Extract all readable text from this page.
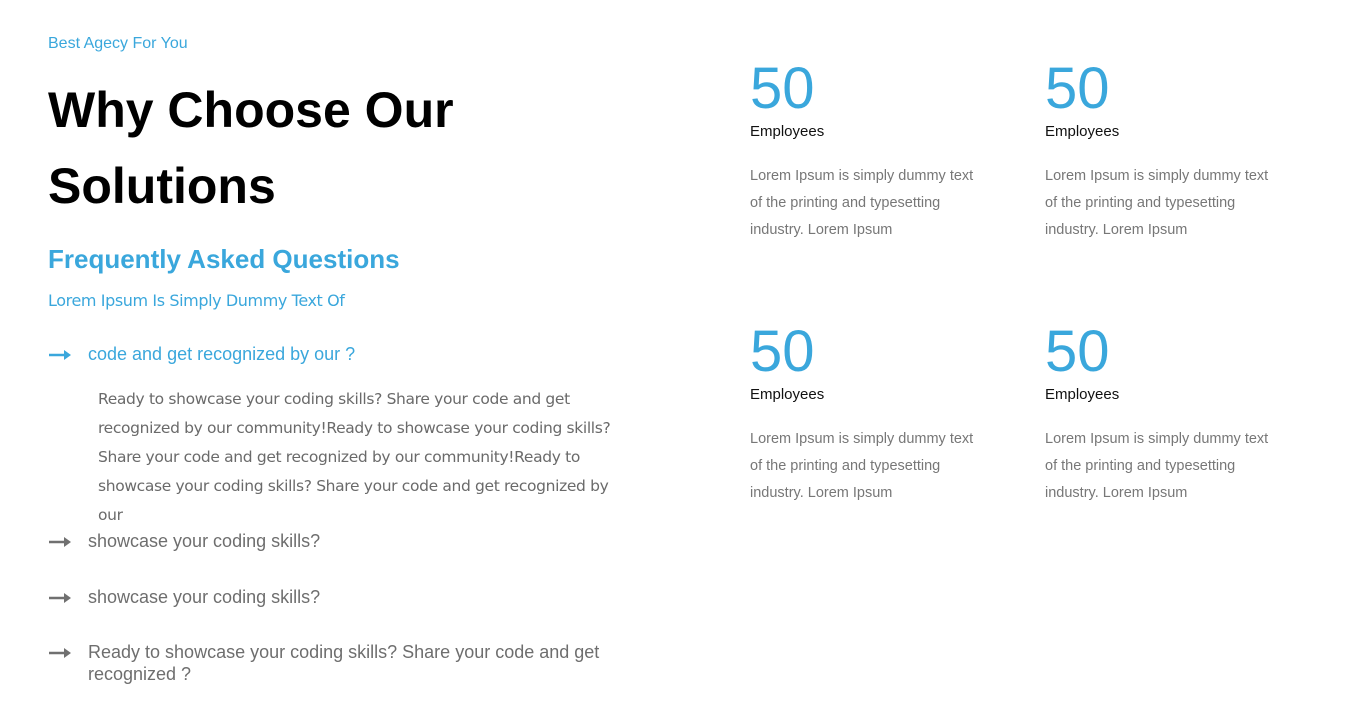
Best Agecy For You
Why Choose Our Solutions
Frequently Asked Questions
Lorem Ipsum Is Simply Dummy Text Of
code and get recognized by our ?
Ready to showcase your coding skills? Share your code and get recognized by our community!Ready to showcase your coding skills? Share your code and get recognized by our community!Ready to showcase your coding skills? Share your code and get recognized by our
showcase your coding skills?
showcase your coding skills?
Ready to showcase your coding skills? Share your code and get recognized ?
50
Employees
Lorem Ipsum is simply dummy text of the printing and typesetting industry. Lorem Ipsum
50
Employees
Lorem Ipsum is simply dummy text of the printing and typesetting industry. Lorem Ipsum
50
Employees
Lorem Ipsum is simply dummy text of the printing and typesetting industry. Lorem Ipsum
50
Employees
Lorem Ipsum is simply dummy text of the printing and typesetting industry. Lorem Ipsum
